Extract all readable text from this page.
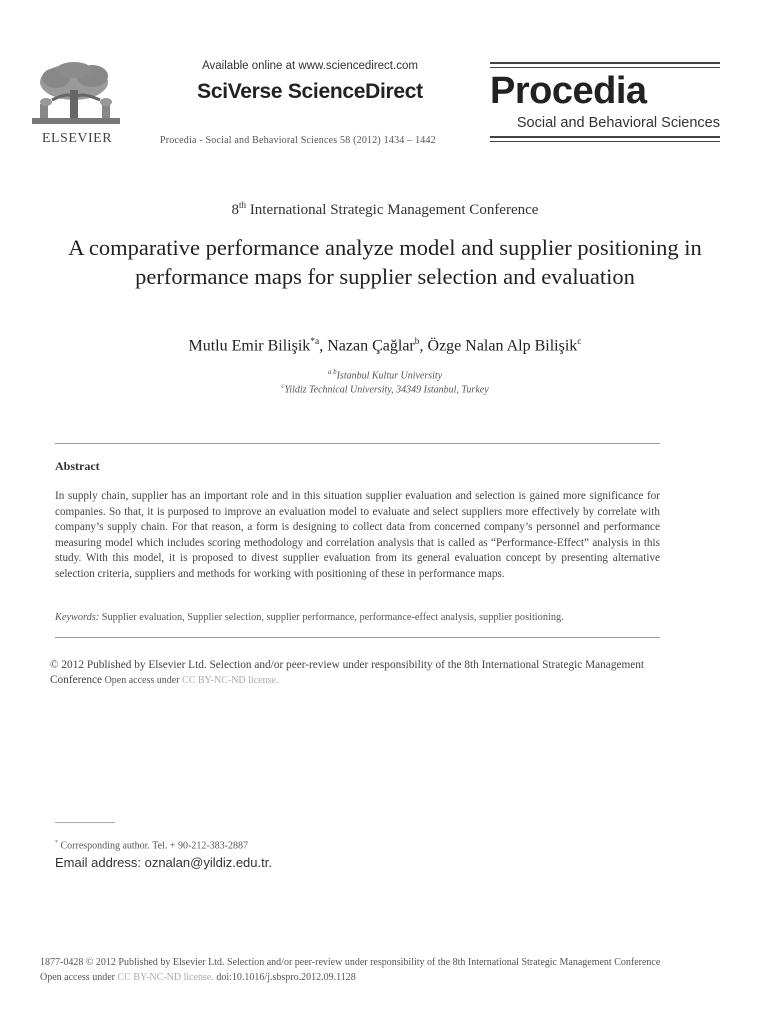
ELSEVIER
Available online at www.sciencedirect.com
SciVerse ScienceDirect
Procedia - Social and Behavioral Sciences 58 (2012) 1434 – 1442
Procedia
Social and Behavioral Sciences
8th International Strategic Management Conference
A comparative performance analyze model and supplier positioning in performance maps for supplier selection and evaluation
Mutlu Emir Bilişik$^{*a}$, Nazan Çağlar$^b$, Özge Nalan Alp Bilişik$^c$
$^{a b}$Istanbul Kultur University
$^c$Yildiz Technical University, 34349 Istanbul, Turkey
Abstract
In supply chain, supplier has an important role and in this situation supplier evaluation and selection is gained more significance for companies. So that, it is purposed to improve an evaluation model to evaluate and select suppliers more effectively by correlate with company’s supply chain. For that reason, a form is designing to collect data from concerned company’s personnel and performance measuring model which includes scoring methodology and correlation analysis that is called as “Performance-Effect” analysis in this study. With this model, it is proposed to divest supplier evaluation from its general evaluation concept by presenting alternative selection criteria, suppliers and methods for working with positioning of these in performance maps.
Keywords: Supplier evaluation, Supplier selection, supplier performance, performance-effect analysis, supplier positioning.
© 2012 Published by Elsevier Ltd. Selection and/or peer-review under responsibility of the 8th International Strategic Management Conference Open access under CC BY-NC-ND license.
* Corresponding author. Tel. + 90-212-383-2887
Email address: oznalan@yildiz.edu.tr.
1877-0428 © 2012 Published by Elsevier Ltd. Selection and/or peer-review under responsibility of the 8th International Strategic Management Conference
Open access under CC BY-NC-ND license. doi:10.1016/j.sbspro.2012.09.1128
